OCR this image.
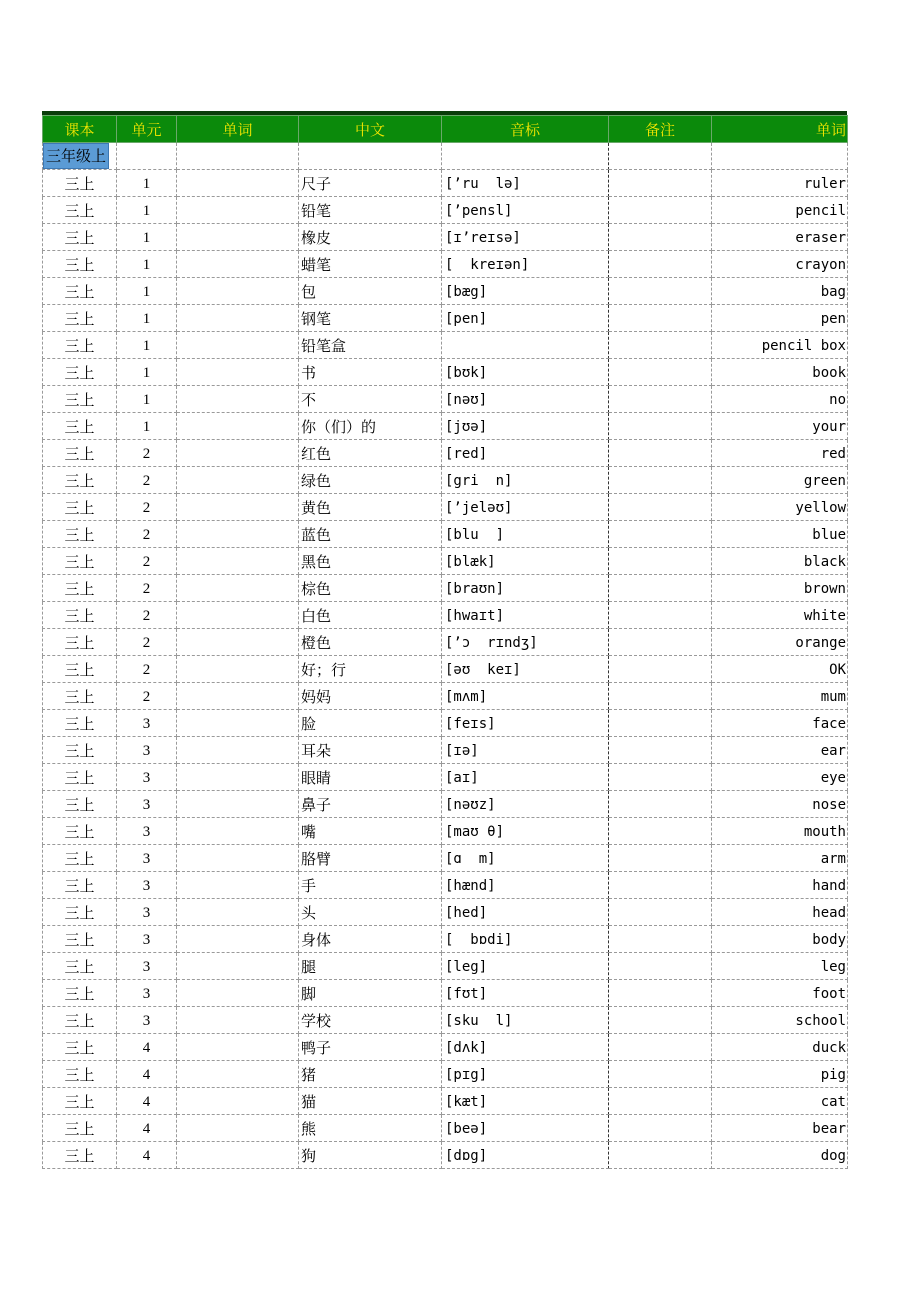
课本	单元	单词	中文	音标	备注	单词
三年级上						
三上	1		尺子	[ʼru  lə]		ruler
三上	1		铅笔	[ʼpensl]		pencil
三上	1		橡皮	[ɪʼreɪsə]		eraser
三上	1		蜡笔	[  kreɪən]		crayon
三上	1		包	[bæg]		bag
三上	1		钢笔	[pen]		pen
三上	1		铅笔盒			pencil box
三上	1		书	[bʊk]		book
三上	1		不	[nəʊ]		no
三上	1		你（们）的	[jʊə]		your
三上	2		红色	[red]		red
三上	2		绿色	[gri  n]		green
三上	2		黄色	[ʼjeləʊ]		yellow
三上	2		蓝色	[blu  ]		blue
三上	2		黑色	[blæk]		black
三上	2		棕色	[braʊn]		brown
三上	2		白色	[hwaɪt]		white
三上	2		橙色	[ʼɔ  rɪndʒ]		orange
三上	2		好；行	[əʊ  keɪ]		OK
三上	2		妈妈	[mʌm]		mum
三上	3		脸	[feɪs]		face
三上	3		耳朵	[ɪə]		ear
三上	3		眼睛	[aɪ]		eye
三上	3		鼻子	[nəʊz]		nose
三上	3		嘴	[maʊ θ]		mouth
三上	3		胳臂	[ɑ  m]		arm
三上	3		手	[hænd]		hand
三上	3		头	[hed]		head
三上	3		身体	[  bɒdi]		body
三上	3		腿	[leg]		leg
三上	3		脚	[fʊt]		foot
三上	3		学校	[sku  l]		school
三上	4		鸭子	[dʌk]		duck
三上	4		猪	[pɪg]		pig
三上	4		猫	[kæt]		cat
三上	4		熊	[beə]		bear
三上	4		狗	[dɒg]		dog
